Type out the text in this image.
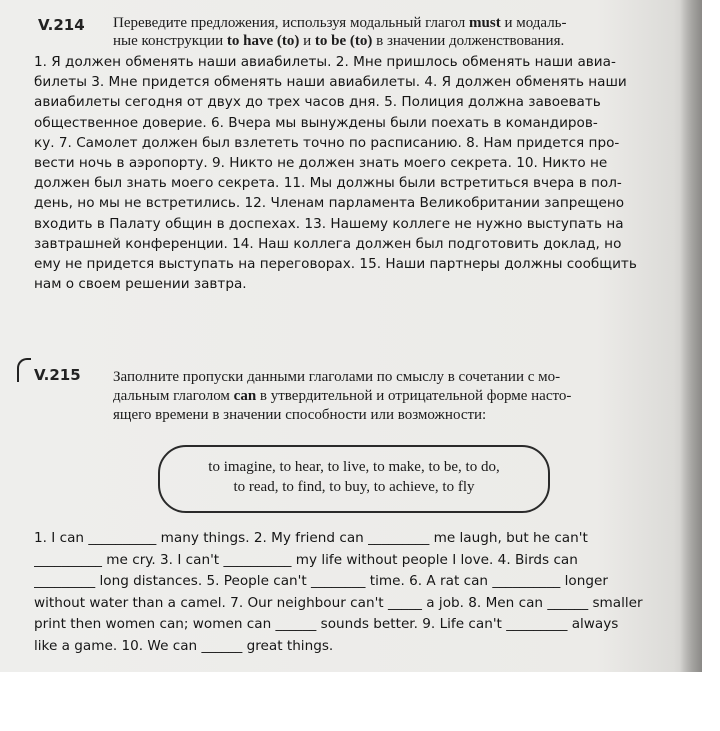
V.214 Переведите предложения, используя модальный глагол must и модаль-
ные конструкции to have (to) и to be (to) в значении долженствования.
1. Я должен обменять наши авиабилеты. 2. Мне пришлось обменять наши авиа-
билеты 3. Мне придется обменять наши авиабилеты. 4. Я должен обменять наши
авиабилеты сегодня от двух до трех часов дня. 5. Полиция должна завоевать
общественное доверие. 6. Вчера мы вынуждены были поехать в командиров-
ку. 7. Самолет должен был взлететь точно по расписанию. 8. Нам придется про-
вести ночь в аэропорту. 9. Никто не должен знать моего секрета. 10. Никто не
должен был знать моего секрета. 11. Мы должны были встретиться вчера в пол-
день, но мы не встретились. 12. Членам парламента Великобритании запрещено
входить в Палату общин в доспехах. 13. Нашему коллеге не нужно выступать на
завтрашней конференции. 14. Наш коллега должен был подготовить доклад, но
ему не придется выступать на переговорах. 15. Наши партнеры должны сообщить
нам о своем решении завтра.
V.215 Заполните пропуски данными глаголами по смыслу в сочетании с мо-
дальным глаголом can в утвердительной и отрицательной форме насто-
ящего времени в значении способности или возможности:
to imagine, to hear, to live, to make, to be, to do,
to read, to find, to buy, to achieve, to fly
1. I can __________ many things. 2. My friend can _________ me laugh, but he can't
__________ me cry. 3. I can't __________ my life without people I love. 4. Birds can
_________ long distances. 5. People can't ________ time. 6. A rat can __________ longer
without water than a camel. 7. Our neighbour can't _____ a job. 8. Men can ______ smaller
print then women can; women can ______ sounds better. 9. Life can't _________ always
like a game. 10. We can ______ great things.
